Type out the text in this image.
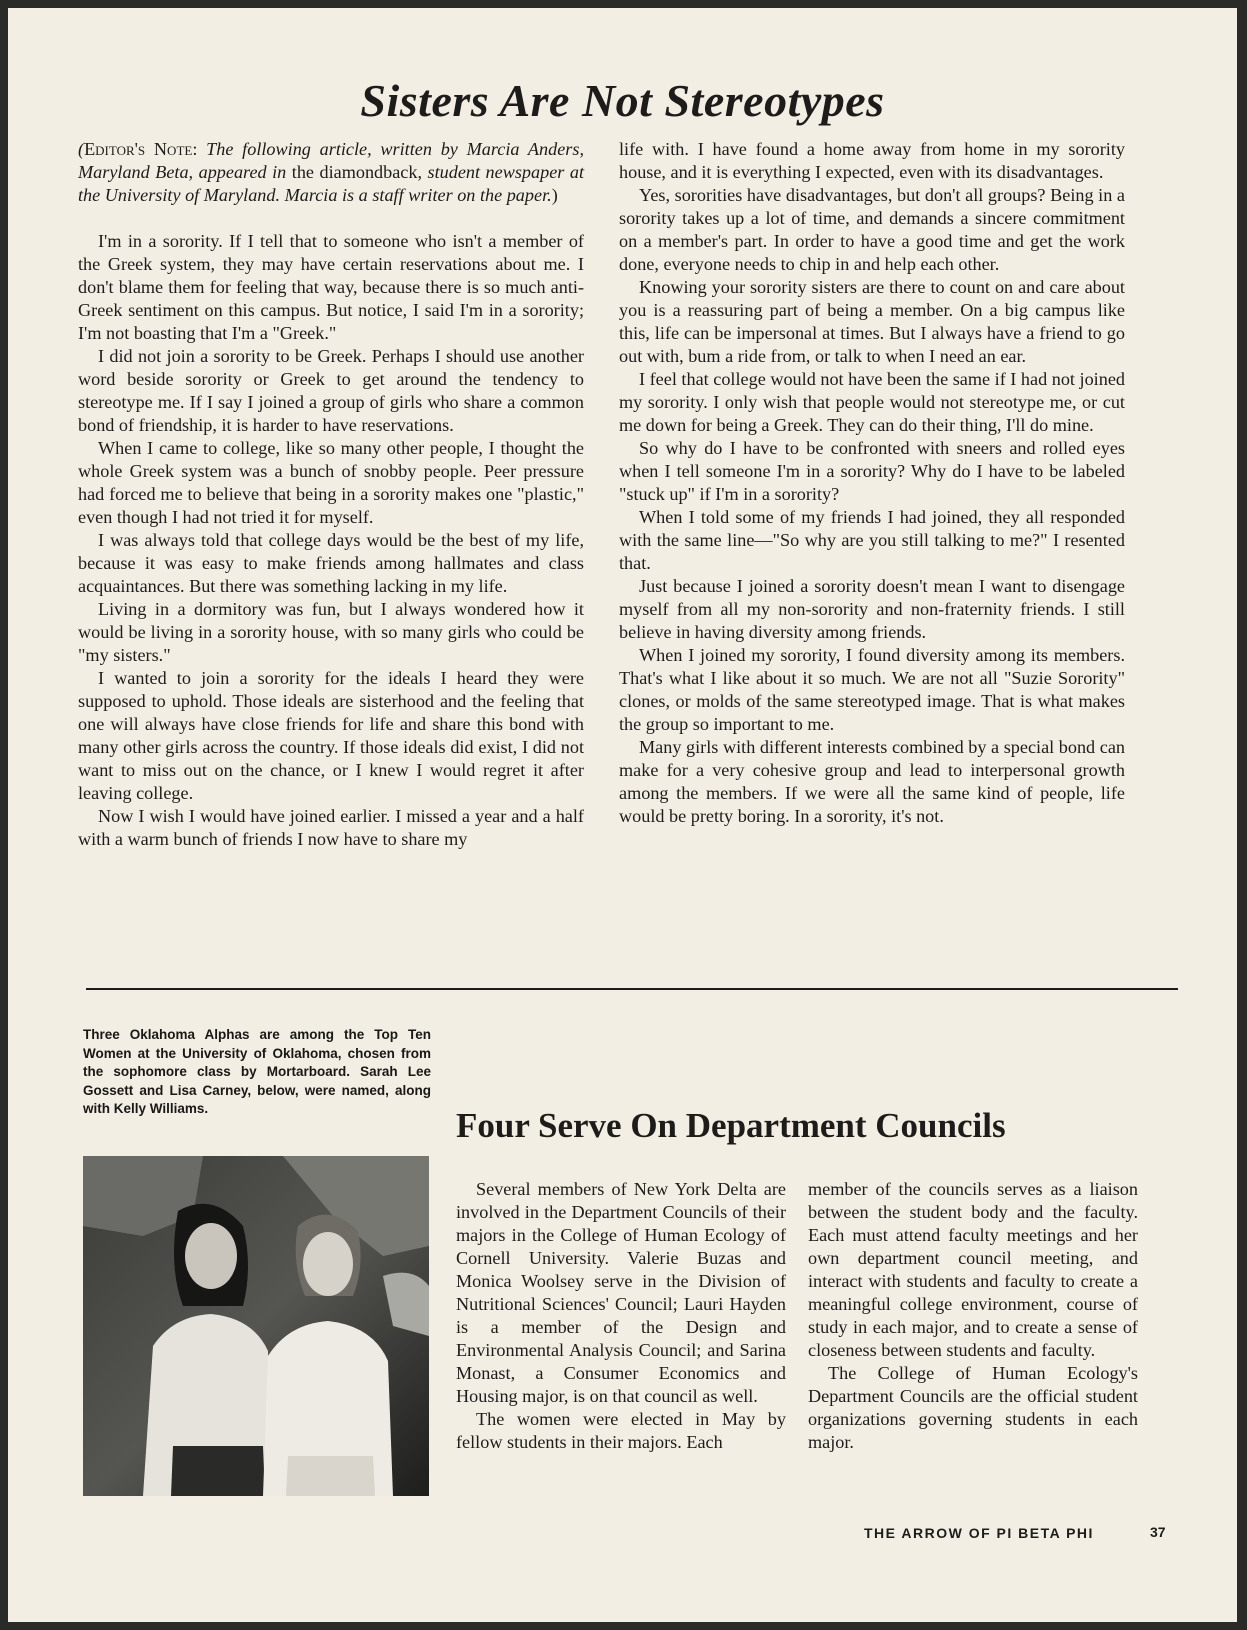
Sisters Are Not Stereotypes

(Editor's Note: The following article, written by Marcia Anders, Maryland Beta, appeared in the diamondback, student newspaper at the University of Maryland. Marcia is a staff writer on the paper.)

I'm in a sorority. If I tell that to someone who isn't a member of the Greek system, they may have certain reservations about me. I don't blame them for feeling that way, because there is so much anti-Greek sentiment on this campus. But notice, I said I'm in a sorority; I'm not boasting that I'm a "Greek."

I did not join a sorority to be Greek. Perhaps I should use another word beside sorority or Greek to get around the tendency to stereotype me. If I say I joined a group of girls who share a common bond of friendship, it is harder to have reservations.

When I came to college, like so many other people, I thought the whole Greek system was a bunch of snobby people. Peer pressure had forced me to believe that being in a sorority makes one "plastic," even though I had not tried it for myself.

I was always told that college days would be the best of my life, because it was easy to make friends among hallmates and class acquaintances. But there was something lacking in my life.

Living in a dormitory was fun, but I always wondered how it would be living in a sorority house, with so many girls who could be "my sisters."

I wanted to join a sorority for the ideals I heard they were supposed to uphold. Those ideals are sisterhood and the feeling that one will always have close friends for life and share this bond with many other girls across the country. If those ideals did exist, I did not want to miss out on the chance, or I knew I would regret it after leaving college.

Now I wish I would have joined earlier. I missed a year and a half with a warm bunch of friends I now have to share my

life with. I have found a home away from home in my sorority house, and it is everything I expected, even with its disadvantages.

Yes, sororities have disadvantages, but don't all groups? Being in a sorority takes up a lot of time, and demands a sincere commitment on a member's part. In order to have a good time and get the work done, everyone needs to chip in and help each other.

Knowing your sorority sisters are there to count on and care about you is a reassuring part of being a member. On a big campus like this, life can be impersonal at times. But I always have a friend to go out with, bum a ride from, or talk to when I need an ear.

I feel that college would not have been the same if I had not joined my sorority. I only wish that people would not stereotype me, or cut me down for being a Greek. They can do their thing, I'll do mine.

So why do I have to be confronted with sneers and rolled eyes when I tell someone I'm in a sorority? Why do I have to be labeled "stuck up" if I'm in a sorority?

When I told some of my friends I had joined, they all responded with the same line—"So why are you still talking to me?" I resented that.

Just because I joined a sorority doesn't mean I want to disengage myself from all my non-sorority and non-fraternity friends. I still believe in having diversity among friends.

When I joined my sorority, I found diversity among its members. That's what I like about it so much. We are not all "Suzie Sorority" clones, or molds of the same stereotyped image. That is what makes the group so important to me.

Many girls with different interests combined by a special bond can make for a very cohesive group and lead to interpersonal growth among the members. If we were all the same kind of people, life would be pretty boring. In a sorority, it's not.

Three Oklahoma Alphas are among the Top Ten Women at the University of Oklahoma, chosen from the sophomore class by Mortarboard. Sarah Lee Gossett and Lisa Carney, below, were named, along with Kelly Williams.	Four Serve On Department Councils

Several members of New York Delta are involved in the Department Councils of their majors in the College of Human Ecology of Cornell University. Valerie Buzas and Monica Woolsey serve in the Division of Nutritional Sciences' Council; Lauri Hayden is a member of the Design and Environmental Analysis Council; and Sarina Monast, a Consumer Economics and Housing major, is on that council as well.

The women were elected in May by fellow students in their majors. Each

member of the councils serves as a liaison between the student body and the faculty. Each must attend faculty meetings and her own department council meeting, and interact with students and faculty to create a meaningful college environment, course of study in each major, and to create a sense of closeness between students and faculty.

The College of Human Ecology's Department Councils are the official student organizations governing students in each major.

THE ARROW OF PI BETA PHI	37
